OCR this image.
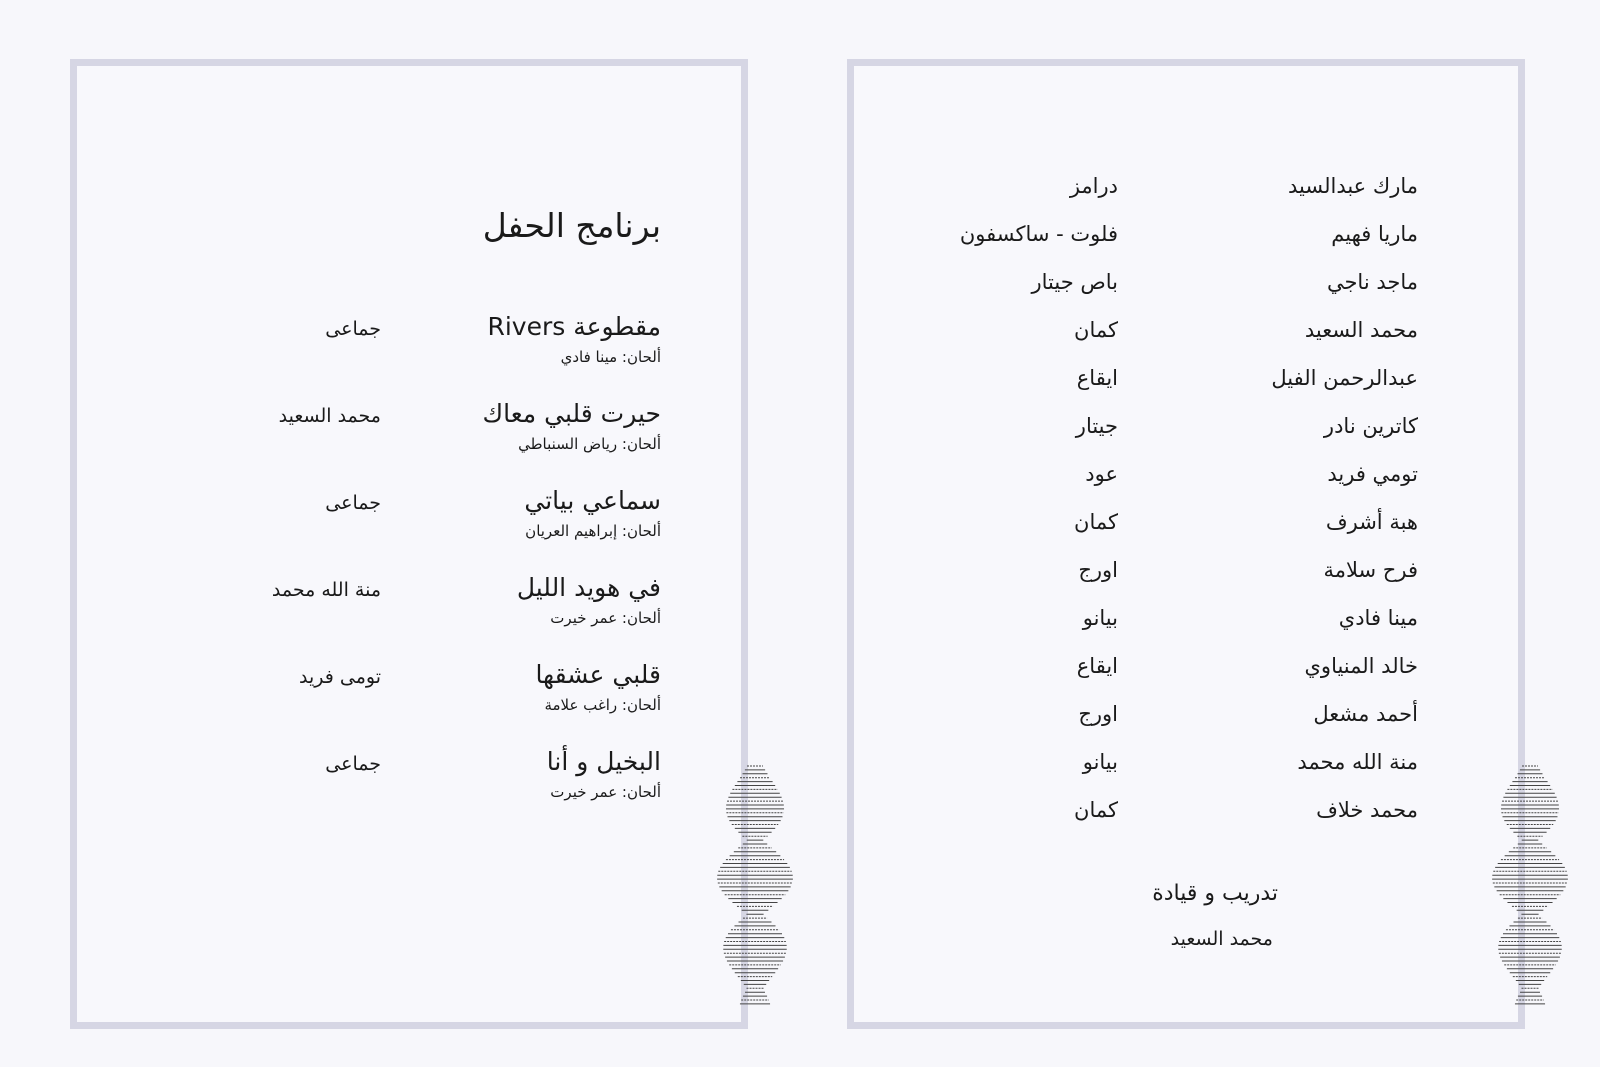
برنامج الحفل
مقطوعة Rivers
ألحان: مينا فادي
جماعى
حيرت قلبي معاك
ألحان: رياض السنباطي
محمد السعيد
سماعي بياتي
ألحان: إبراهيم العريان
جماعى
في هويد الليل
ألحان: عمر خيرت
منة الله محمد
قلبي عشقها
ألحان: راغب علامة
تومى فريد
البخيل و أنا
ألحان: عمر خيرت
جماعى
مارك عبدالسيد
درامز
ماريا فهيم
فلوت - ساكسفون
ماجد ناجي
باص جيتار
محمد السعيد
كمان
عبدالرحمن الفيل
ايقاع
كاترين نادر
جيتار
تومي فريد
عود
هبة أشرف
كمان
فرح سلامة
اورج
مينا فادي
بيانو
خالد المنياوي
ايقاع
أحمد مشعل
اورج
منة الله محمد
بيانو
محمد خلاف
كمان
تدريب و قيادة
محمد السعيد
